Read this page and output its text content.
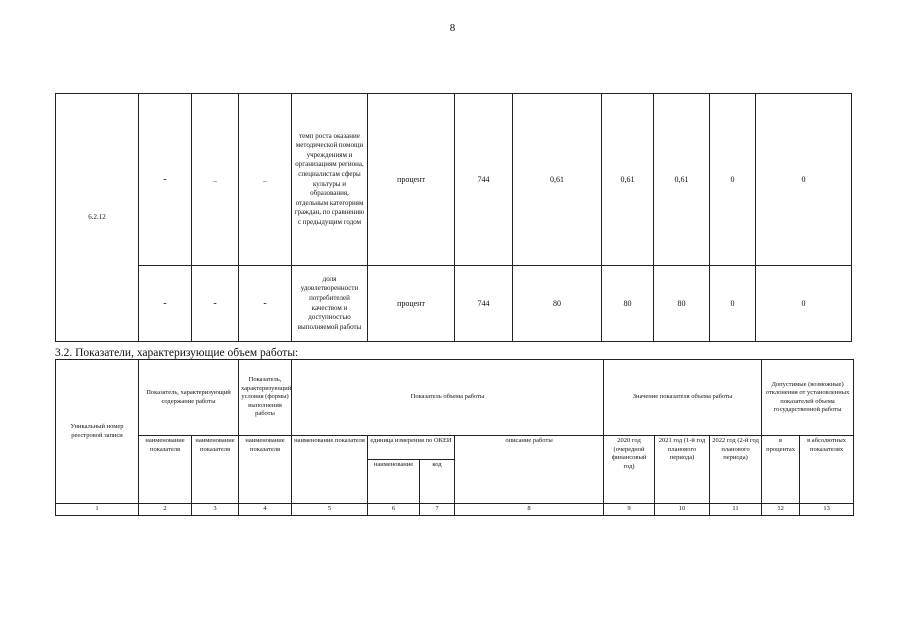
8
6.2.12	-	_	_	темп роста оказание методической помощи учреждениям и организациям региона, специалистам сферы культуры и образования, отдельным категориям граждан, по сравнению с предыдущим годом	процент	744	0,61	0,61	0,61	0	0
	-	-	-	доля удовлетворенности потребителей качеством и доступностью выполняемой работы	процент	744	80	80	80	0	0
3.2. Показатели, характеризующие объем работы:
Уникальный номер реестровой записи	Показатель, характеризующий содержание работы		Показатель, характеризующий условия (формы) выполнения работы	Показатель объема работы				Значение показателя объема работы			Допустимые (возможные) отклонения от установленных показателей объема государственной работы	
	наименование показателя	наименование показателя	наименование показателя	наименование показателя	единица измерения по ОКЕИ		описание работы	2020 год (очередной финансовый год)	2021 год (1-й год планового периода)	2022 год (2-й год планового периода)	в процентах	в абсолютных показателях
					наименование	код						
1	2	3	4	5	6	7	8	9	10	11	12	13
